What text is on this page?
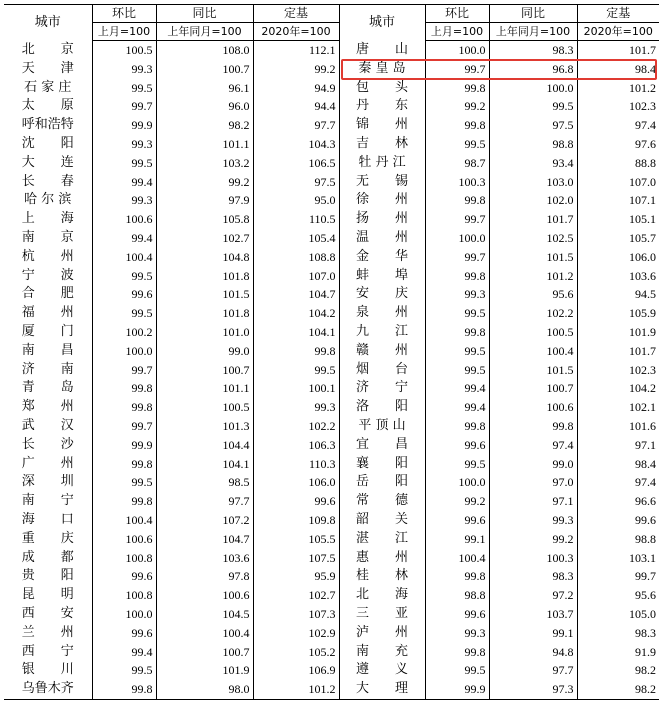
城市	环比	同比	定基	城市	环比	同比	定基
	上月=100	上年同月=100	2020年=100		上月=100	上年同月=100	2020年=100
北　　京	100.5	108.0	112.1	唐　　山	100.0	98.3	101.7
天　　津	99.3	100.7	99.2	秦 皇 岛	99.7	96.8	98.4
石 家 庄	99.5	96.1	94.9	包　　头	99.8	100.0	101.2
太　　原	99.7	96.0	94.4	丹　　东	99.2	99.5	102.3
呼和浩特	99.9	98.2	97.7	锦　　州	99.8	97.5	97.4
沈　　阳	99.3	101.1	104.3	吉　　林	99.5	98.8	97.6
大　　连	99.5	103.2	106.5	牡 丹 江	98.7	93.4	88.8
长　　春	99.4	99.2	97.5	无　　锡	100.3	103.0	107.0
哈 尔 滨	99.3	97.9	95.0	徐　　州	99.8	102.0	107.1
上　　海	100.6	105.8	110.5	扬　　州	99.7	101.7	105.1
南　　京	99.4	102.7	105.4	温　　州	100.0	102.5	105.7
杭　　州	100.4	104.8	108.8	金　　华	99.7	101.5	106.0
宁　　波	99.5	101.8	107.0	蚌　　埠	99.8	101.2	103.6
合　　肥	99.6	101.5	104.7	安　　庆	99.3	95.6	94.5
福　　州	99.5	101.8	104.2	泉　　州	99.5	102.2	105.9
厦　　门	100.2	101.0	104.1	九　　江	99.8	100.5	101.9
南　　昌	100.0	99.0	99.8	赣　　州	99.5	100.4	101.7
济　　南	99.7	100.7	99.5	烟　　台	99.5	101.5	102.3
青　　岛	99.8	101.1	100.1	济　　宁	99.4	100.7	104.2
郑　　州	99.8	100.5	99.3	洛　　阳	99.4	100.6	102.1
武　　汉	99.7	101.3	102.2	平 顶 山	99.8	99.8	101.6
长　　沙	99.9	104.4	106.3	宜　　昌	99.6	97.4	97.1
广　　州	99.8	104.1	110.3	襄　　阳	99.5	99.0	98.4
深　　圳	99.5	98.5	106.0	岳　　阳	100.0	97.0	97.4
南　　宁	99.8	97.7	99.6	常　　德	99.2	97.1	96.6
海　　口	100.4	107.2	109.8	韶　　关	99.6	99.3	99.6
重　　庆	100.6	104.7	105.5	湛　　江	99.1	99.2	98.8
成　　都	100.8	103.6	107.5	惠　　州	100.4	100.3	103.1
贵　　阳	99.6	97.8	95.9	桂　　林	99.8	98.3	99.7
昆　　明	100.8	100.6	102.7	北　　海	98.8	97.2	95.6
西　　安	100.0	104.5	107.3	三　　亚	99.6	103.7	105.0
兰　　州	99.6	100.4	102.9	泸　　州	99.3	99.1	98.3
西　　宁	99.4	100.7	105.2	南　　充	99.8	94.8	91.9
银　　川	99.5	101.9	106.9	遵　　义	99.5	97.7	98.2
乌鲁木齐	99.8	98.0	101.2	大　　理	99.9	97.3	98.2
